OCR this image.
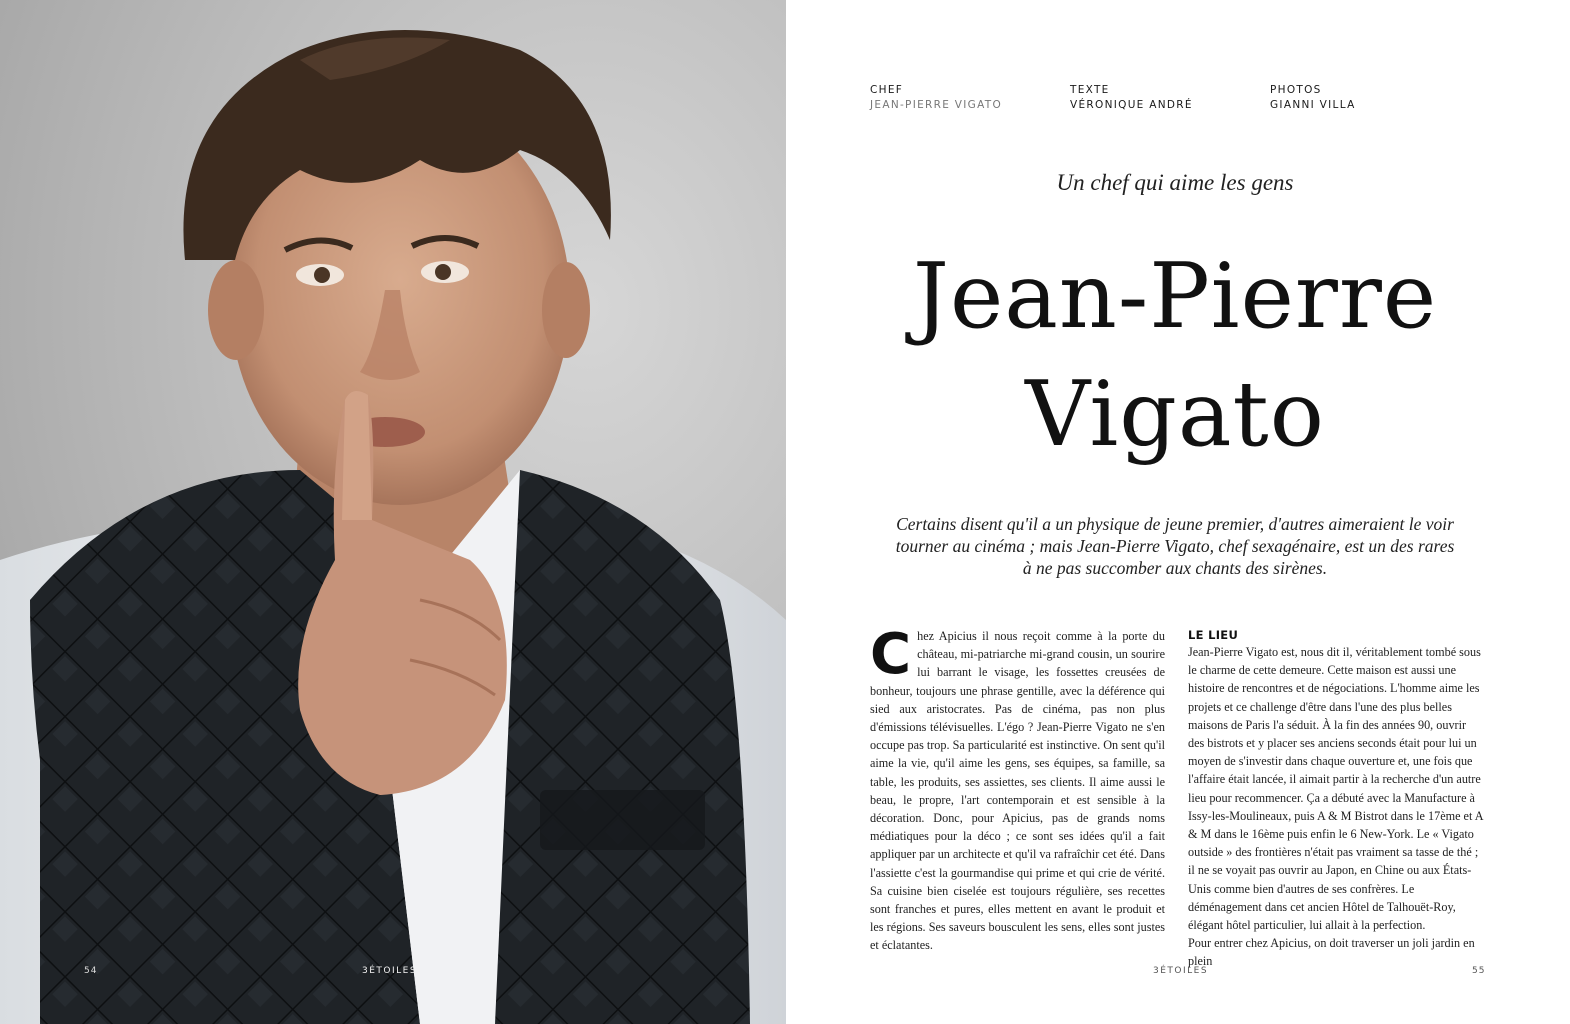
54	3ÉTOILES
CHEF
JEAN-PIERRE VIGATO
TEXTE
VÉRONIQUE ANDRÉ
PHOTOS
GIANNI VILLA
Un chef qui aime les gens
Jean-Pierre
Vigato
Certains disent qu'il a un physique de jeune premier, d'autres aimeraient le voir tourner au cinéma ; mais Jean-Pierre Vigato, chef sexagénaire, est un des rares à ne pas succomber aux chants des sirènes.
C hez Apicius il nous reçoit comme à la porte du château, mi-patriarche mi-grand cousin, un sourire lui barrant le visage, les fossettes creusées de bonheur, toujours une phrase gentille, avec la déférence qui sied aux aristocrates. Pas de cinéma, pas non plus d'émissions télévisuelles. L'égo ? Jean-Pierre Vigato ne s'en occupe pas trop. Sa particularité est instinctive. On sent qu'il aime la vie, qu'il aime les gens, ses équipes, sa famille, sa table, les produits, ses assiettes, ses clients. Il aime aussi le beau, le propre, l'art contemporain et est sensible à la décoration. Donc, pour Apicius, pas de grands noms médiatiques pour la déco ; ce sont ses idées qu'il a fait appliquer par un architecte et qu'il va rafraîchir cet été. Dans l'assiette c'est la gourmandise qui prime et qui crie de vérité. Sa cuisine bien ciselée est toujours régulière, ses recettes sont franches et pures, elles mettent en avant le produit et les régions. Ses saveurs bousculent les sens, elles sont justes et éclatantes.

LE LIEU

Jean-Pierre Vigato est, nous dit il, véritablement tombé sous le charme de cette demeure. Cette maison est aussi une histoire de rencontres et de négociations. L'homme aime les projets et ce challenge d'être dans l'une des plus belles maisons de Paris l'a séduit. À la fin des années 90, ouvrir des bistrots et y placer ses anciens seconds était pour lui un moyen de s'investir dans chaque ouverture et, une fois que l'affaire était lancée, il aimait partir à la recherche d'un autre lieu pour recommencer. Ça a débuté avec la Manufacture à Issy-les-Moulineaux, puis A & M Bistrot dans le 17ème et A & M dans le 16ème puis enfin le 6 New-York. Le « Vigato outside » des frontières n'était pas vraiment sa tasse de thé ; il ne se voyait pas ouvrir au Japon, en Chine ou aux États-Unis comme bien d'autres de ses confrères. Le déménagement dans cet ancien Hôtel de Talhouët-Roy, élégant hôtel particulier, lui allait à la perfection.

Pour entrer chez Apicius, on doit traverser un joli jardin en plein

3ÉTOILES	55
